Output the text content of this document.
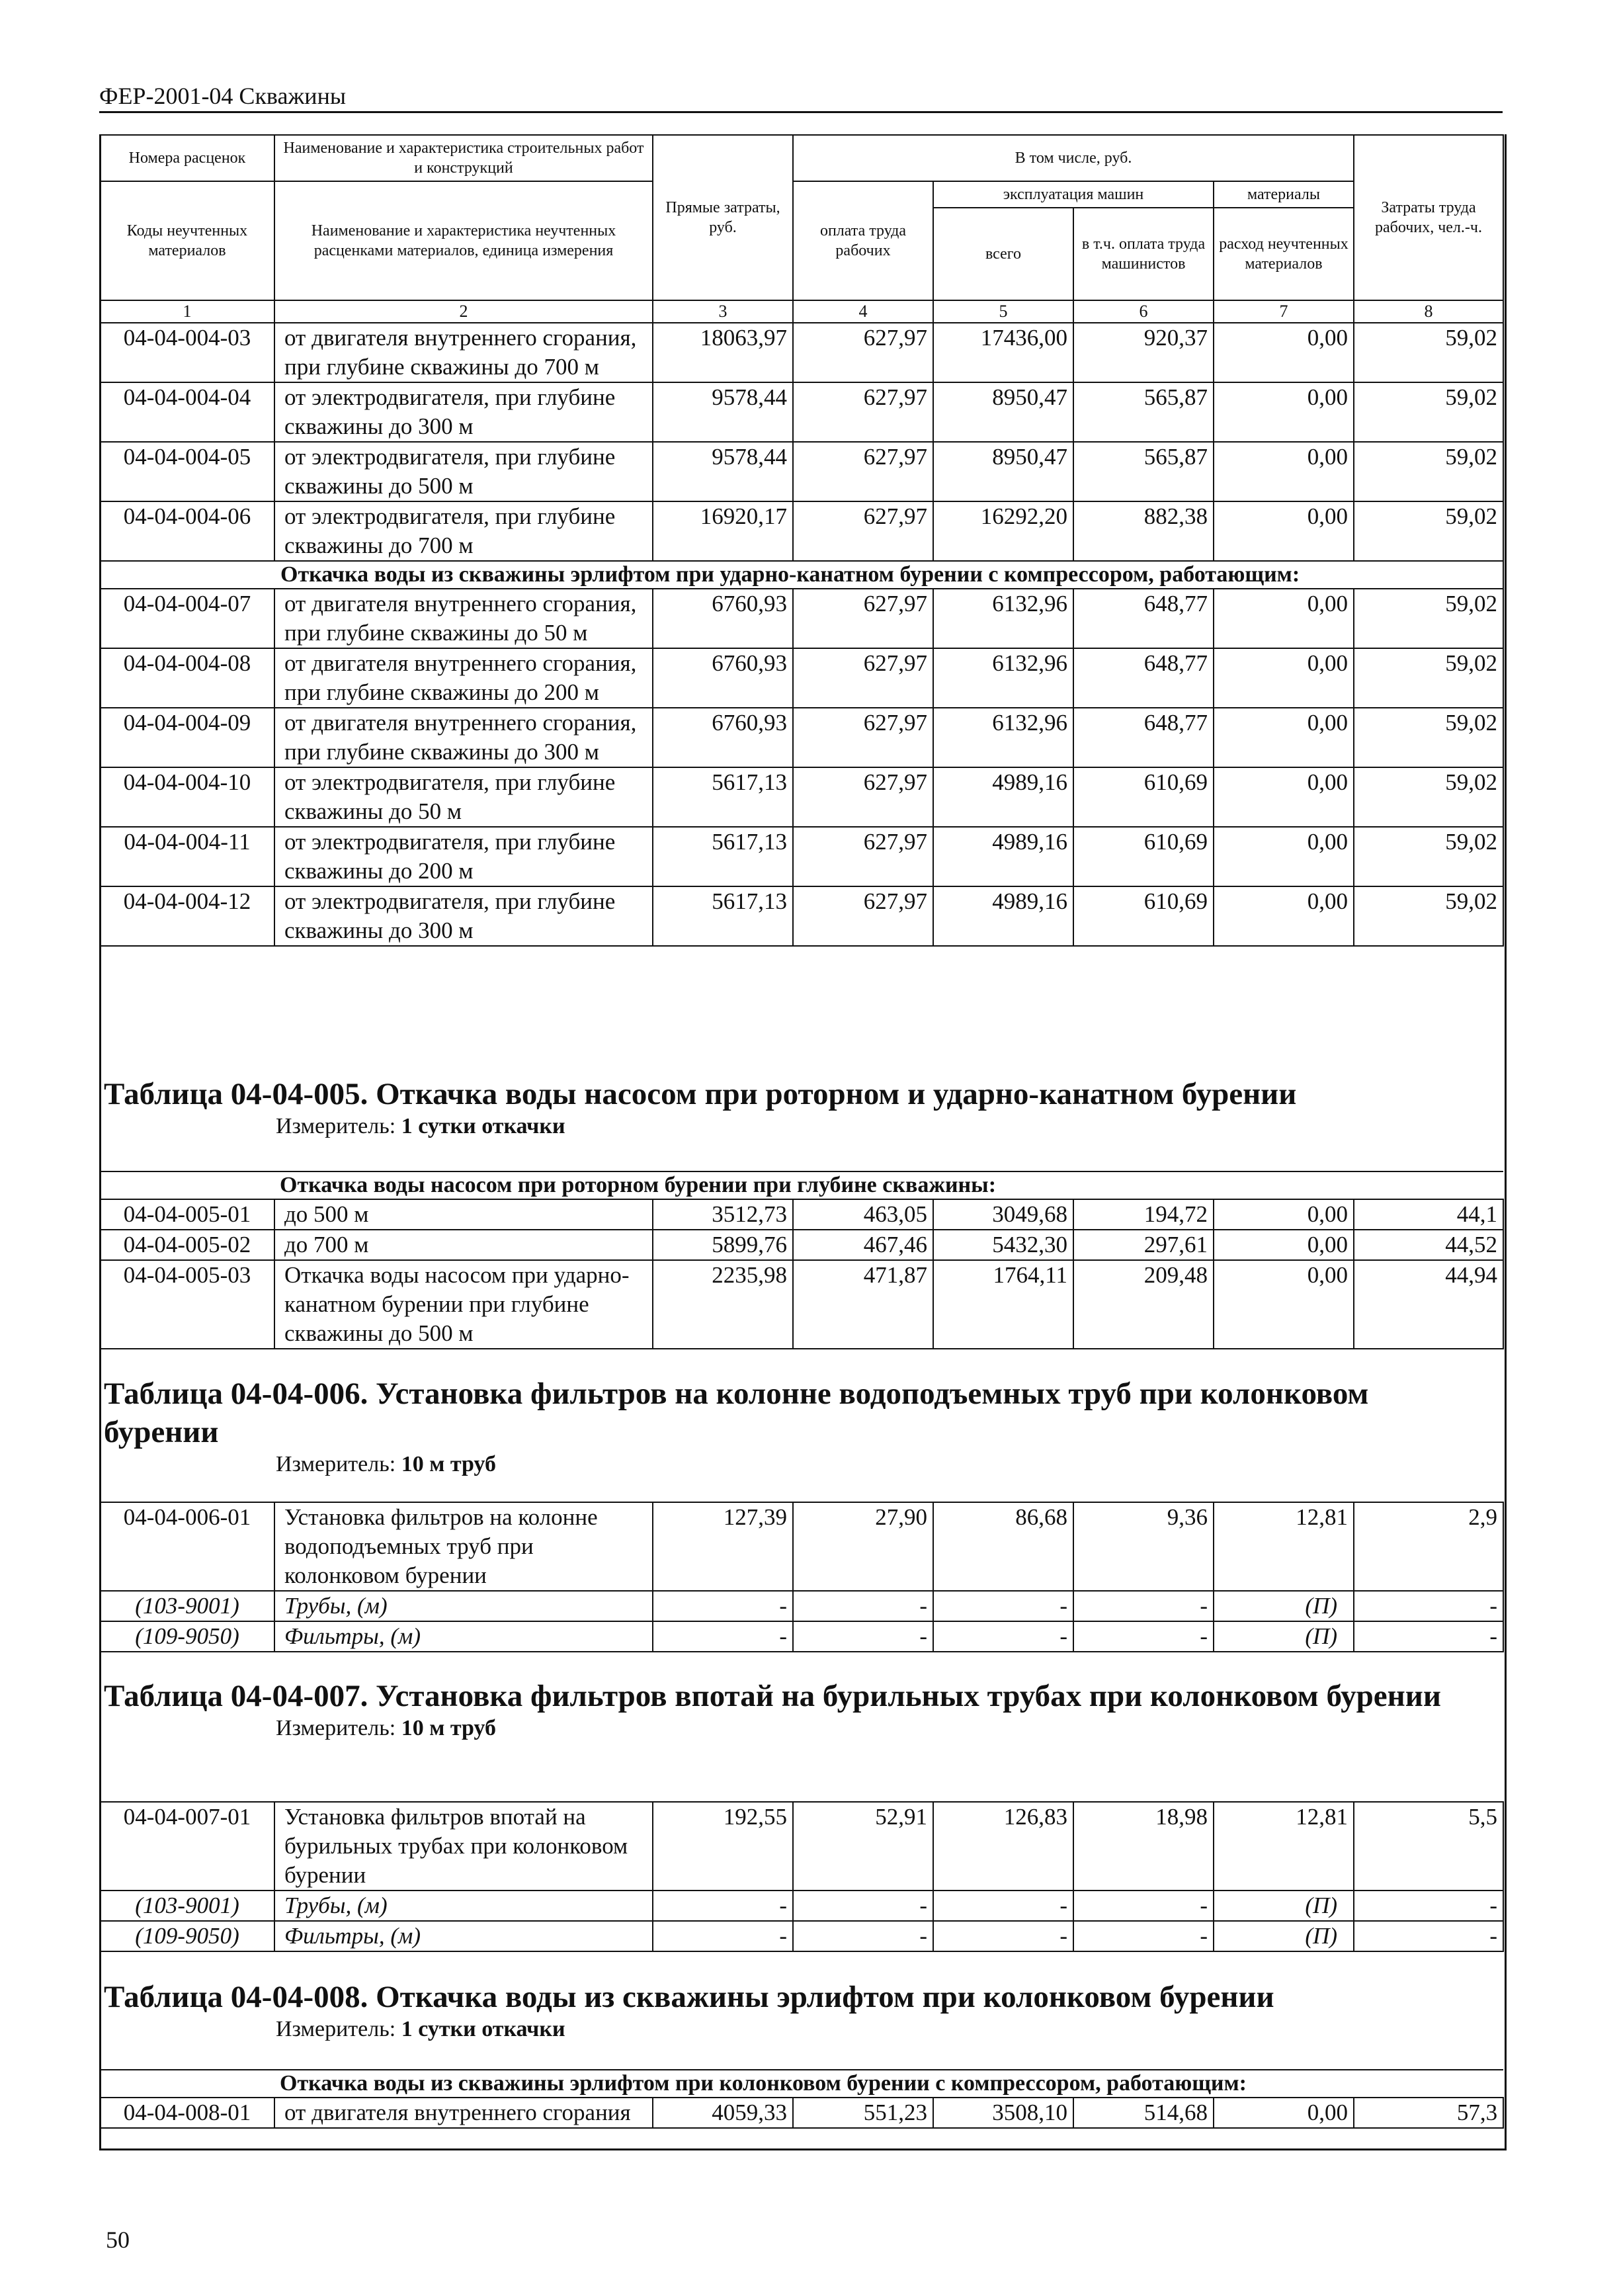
ФЕР-2001-04 Скважины
Номера расценок	Наименование и характеристика строительных работ и конструкций	Прямые затраты, руб.	В том числе, руб.				Затраты труда рабочих, чел.-ч.
Коды неучтенных материалов	Наименование и характеристика неучтенных расценками материалов, единица измерения		оплата труда рабочих	эксплуатация машин		материалы	
				всего	в т.ч. оплата труда машинистов	расход неучтенных материалов	
1	2	3	4	5	6	7	8
04-04-004-03	от двигателя внутреннего сгорания, при глубине скважины до 700 м	18063,97	627,97	17436,00	920,37	0,00	59,02
04-04-004-04	от электродвигателя, при глубине скважины до 300 м	9578,44	627,97	8950,47	565,87	0,00	59,02
04-04-004-05	от электродвигателя, при глубине скважины до 500 м	9578,44	627,97	8950,47	565,87	0,00	59,02
04-04-004-06	от электродвигателя, при глубине скважины до 700 м	16920,17	627,97	16292,20	882,38	0,00	59,02
Откачка воды из скважины эрлифтом при ударно-канатном бурении с компрессором, работающим:							
04-04-004-07	от двигателя внутреннего сгорания, при глубине скважины до 50 м	6760,93	627,97	6132,96	648,77	0,00	59,02
04-04-004-08	от двигателя внутреннего сгорания, при глубине скважины до 200 м	6760,93	627,97	6132,96	648,77	0,00	59,02
04-04-004-09	от двигателя внутреннего сгорания, при глубине скважины до 300 м	6760,93	627,97	6132,96	648,77	0,00	59,02
04-04-004-10	от электродвигателя, при глубине скважины до 50 м	5617,13	627,97	4989,16	610,69	0,00	59,02
04-04-004-11	от электродвигателя, при глубине скважины до 200 м	5617,13	627,97	4989,16	610,69	0,00	59,02
04-04-004-12	от электродвигателя, при глубине скважины до 300 м	5617,13	627,97	4989,16	610,69	0,00	59,02
Таблица 04-04-005. Откачка воды насосом при роторном и ударно-канатном бурении
Измеритель: 1 сутки откачки
Откачка воды насосом при роторном бурении при глубине скважины:							
04-04-005-01	до 500 м	3512,73	463,05	3049,68	194,72	0,00	44,1
04-04-005-02	до 700 м	5899,76	467,46	5432,30	297,61	0,00	44,52
04-04-005-03	Откачка воды насосом при ударно-канатном бурении при глубине скважины до 500 м	2235,98	471,87	1764,11	209,48	0,00	44,94
Таблица 04-04-006. Установка фильтров на колонне водоподъемных труб при колонковом бурении
Измеритель: 10 м труб
04-04-006-01	Установка фильтров на колонне водоподъемных труб при колонковом бурении	127,39	27,90	86,68	9,36	12,81	2,9
(103-9001)	Трубы, (м)	-	-	-	-	(П)	-
(109-9050)	Фильтры, (м)	-	-	-	-	(П)	-
Таблица 04-04-007. Установка фильтров впотай на бурильных трубах при колонковом бурении
Измеритель: 10 м труб
04-04-007-01	Установка фильтров впотай на бурильных трубах при колонковом бурении	192,55	52,91	126,83	18,98	12,81	5,5
(103-9001)	Трубы, (м)	-	-	-	-	(П)	-
(109-9050)	Фильтры, (м)	-	-	-	-	(П)	-
Таблица 04-04-008. Откачка воды из скважины эрлифтом при колонковом бурении
Измеритель: 1 сутки откачки
Откачка воды из скважины эрлифтом при колонковом бурении с компрессором, работающим:
04-04-008-01	от двигателя внутреннего сгорания	4059,33	551,23	3508,10	514,68	0,00	57,3
50
